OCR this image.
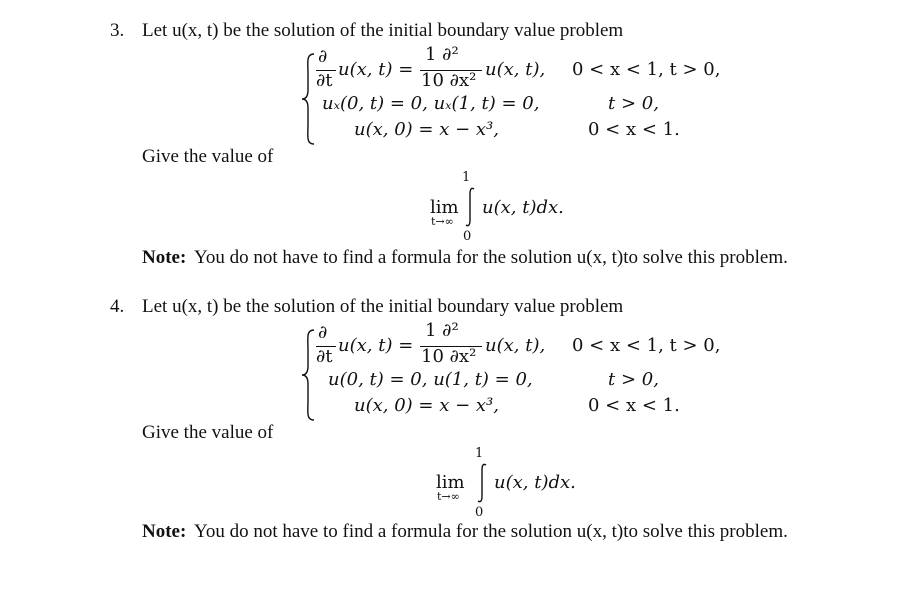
3. Let u(x, t) be the solution of the initial boundary value problem
∂
∂t
u(x, t) =
1 ∂²
10 ∂x²
u(x, t), 0 < x < 1, t > 0,
uₓ(0, t) = 0, uₓ(1, t) = 0,	t > 0,
u(x, 0) = x − x³,	0 < x < 1.
Give the value of
1
lim
t→∞
0
u(x, t)dx.
Note: You do not have to find a formula for the solution u(x, t)to solve this problem.
4. Let u(x, t) be the solution of the initial boundary value problem
∂
∂t
u(x, t) =
1 ∂²
10 ∂x²
u(x, t), 0 < x < 1, t > 0,
u(0, t) = 0, u(1, t) = 0,	t > 0,
u(x, 0) = x − x³,	0 < x < 1.
Give the value of
1
lim
t→∞
0
u(x, t)dx.
Note: You do not have to find a formula for the solution u(x, t)to solve this problem.
